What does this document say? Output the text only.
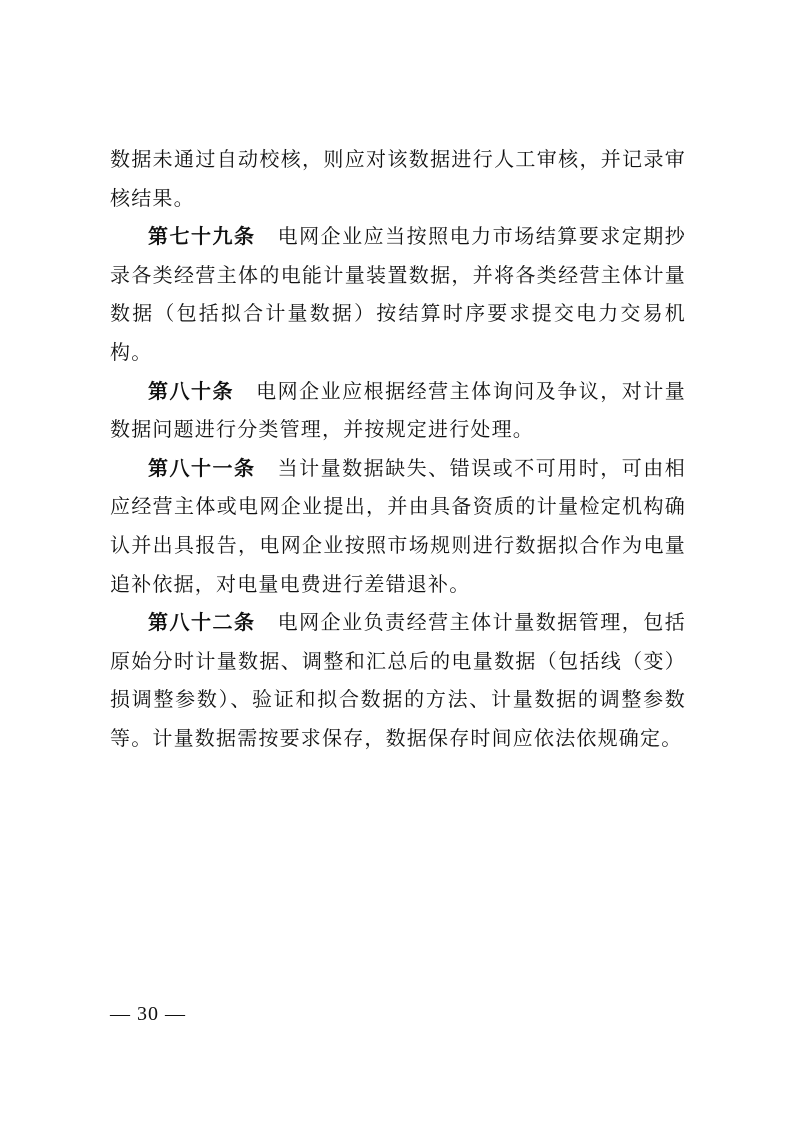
数据未通过自动校核，则应对该数据进行人工审核，并记录审核结果。

第七十九条 电网企业应当按照电力市场结算要求定期抄录各类经营主体的电能计量装置数据，并将各类经营主体计量数据（包括拟合计量数据）按结算时序要求提交电力交易机构。

第八十条 电网企业应根据经营主体询问及争议，对计量数据问题进行分类管理，并按规定进行处理。

第八十一条 当计量数据缺失、错误或不可用时，可由相应经营主体或电网企业提出，并由具备资质的计量检定机构确认并出具报告，电网企业按照市场规则进行数据拟合作为电量追补依据，对电量电费进行差错退补。

第八十二条 电网企业负责经营主体计量数据管理，包括原始分时计量数据、调整和汇总后的电量数据（包括线（变）损调整参数）、验证和拟合数据的方法、计量数据的调整参数等。计量数据需按要求保存，数据保存时间应依法依规确定。

— 30 —
